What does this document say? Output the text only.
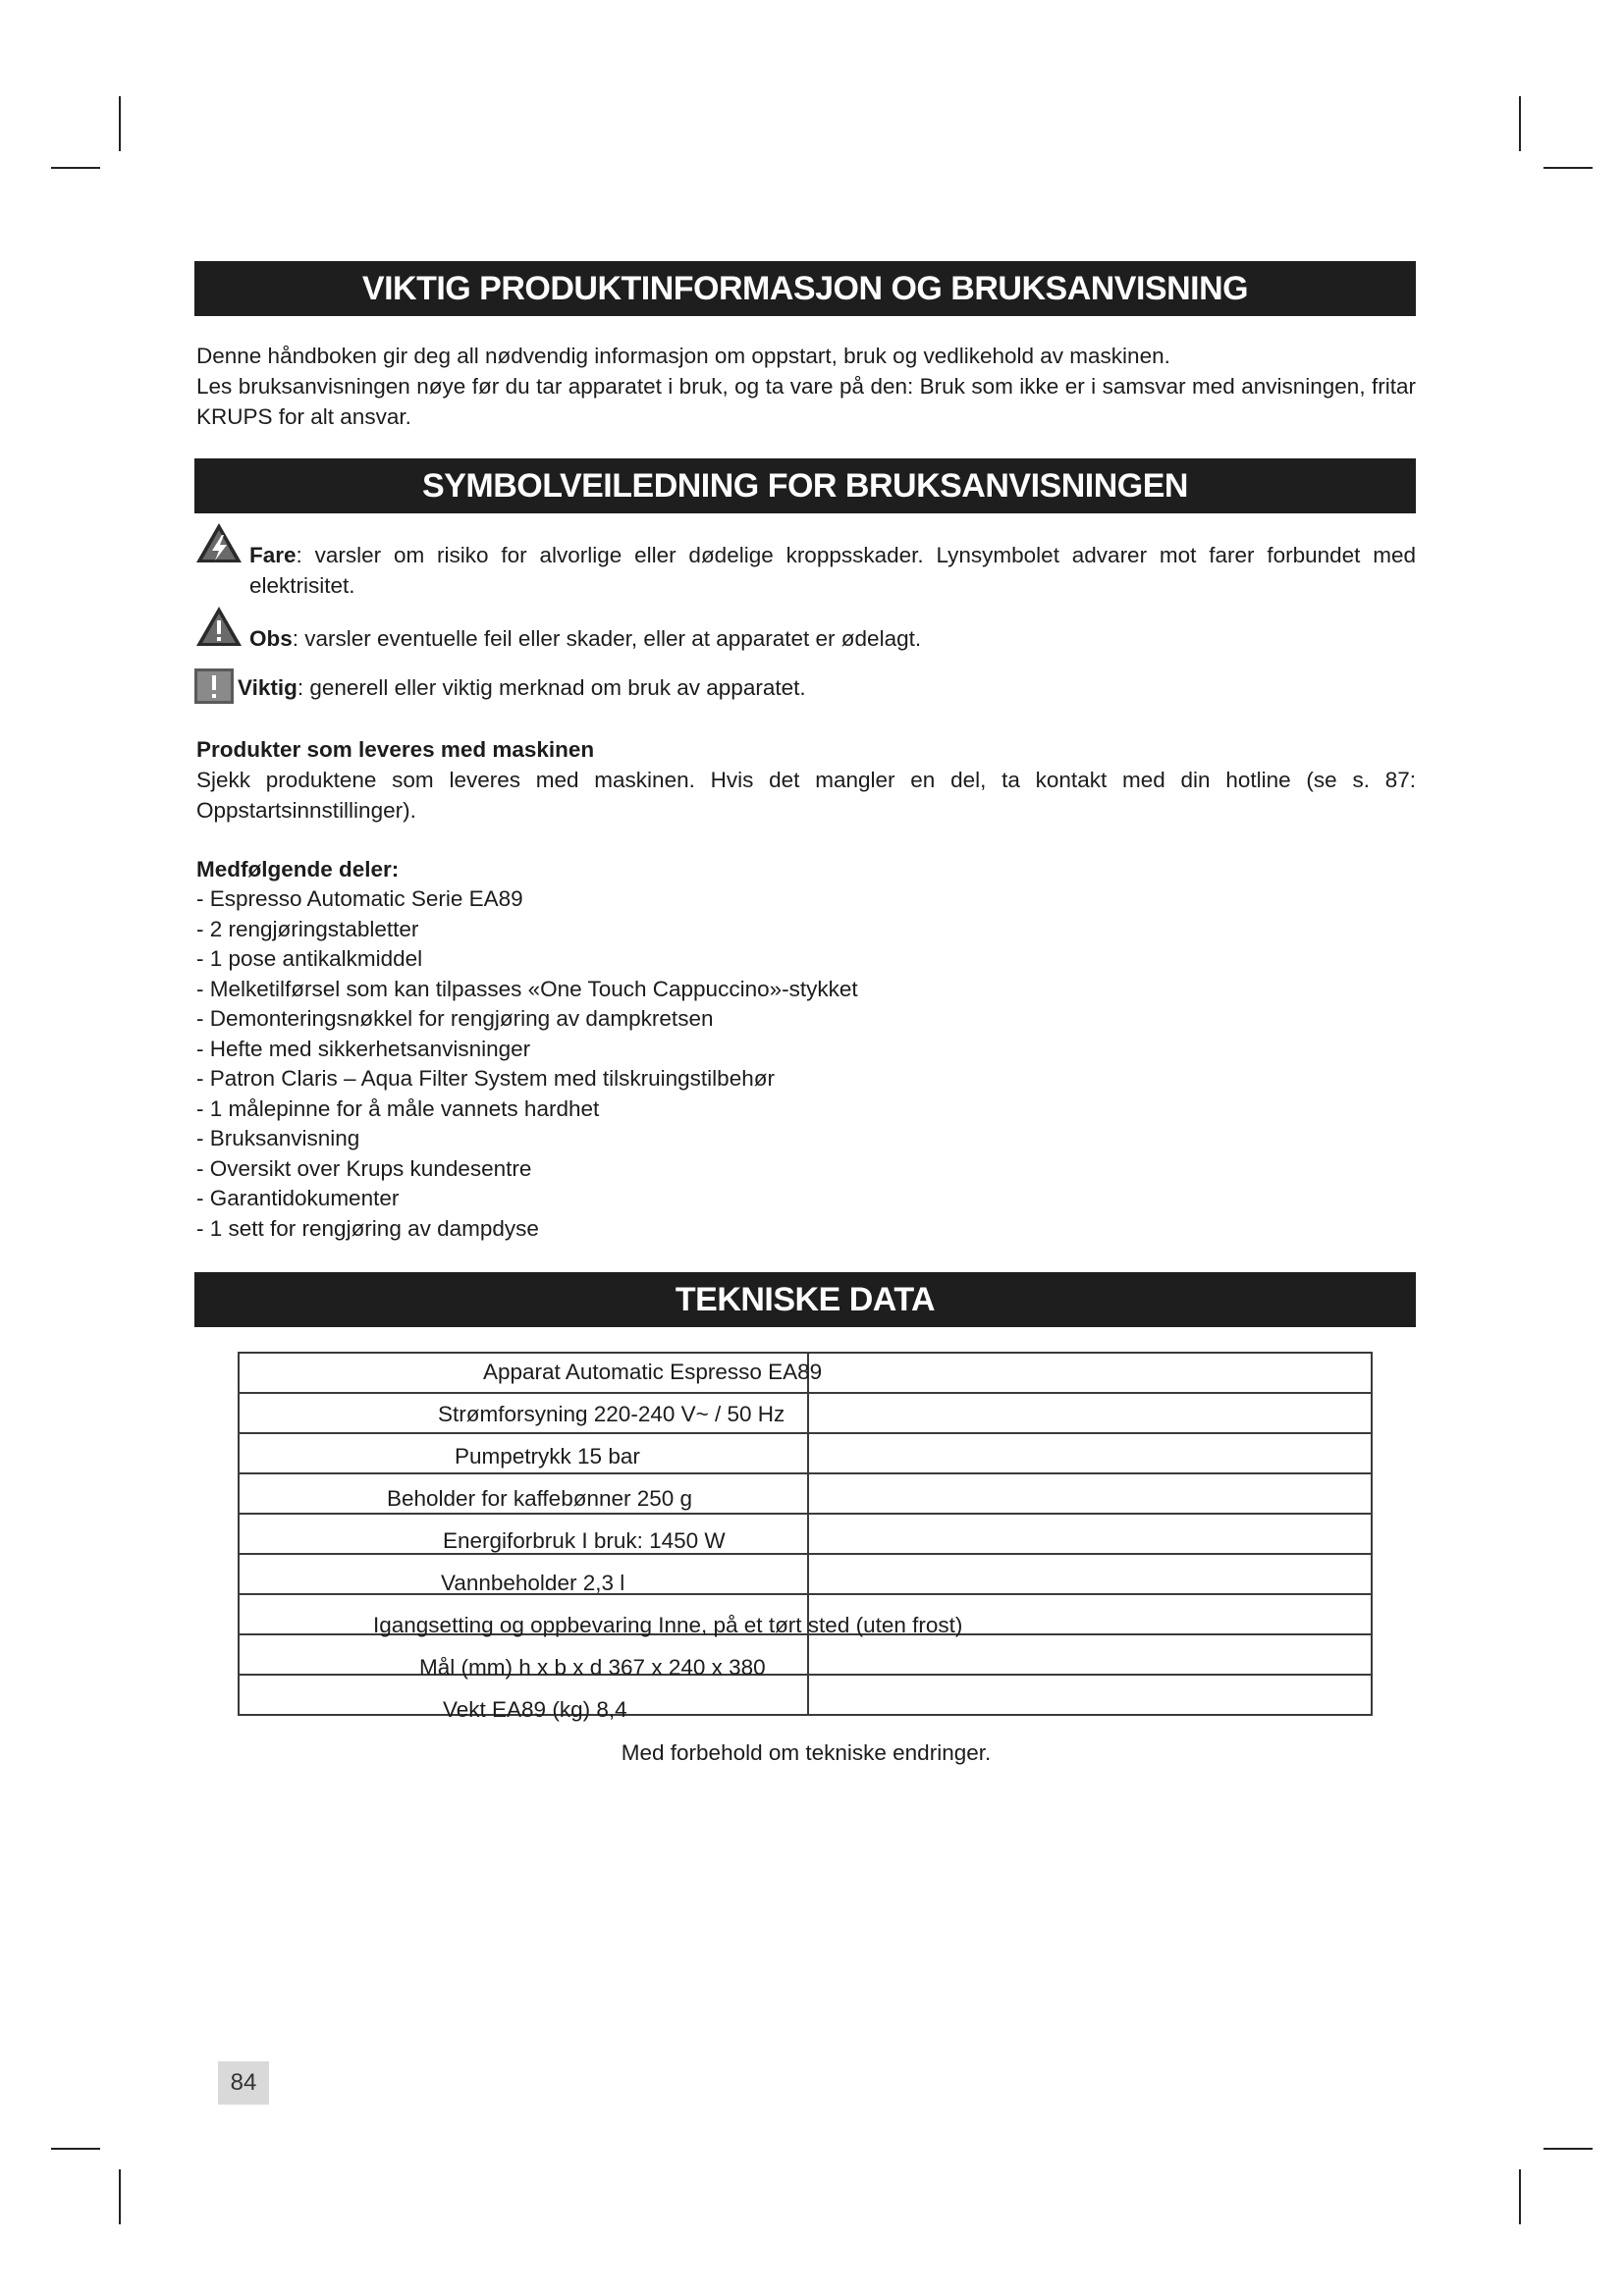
VIKTIG PRODUKTINFORMASJON OG BRUKSANVISNING

Denne håndboken gir deg all nødvendig informasjon om oppstart, bruk og vedlikehold av maskinen.

Les bruksanvisningen nøye før du tar apparatet i bruk, og ta vare på den: Bruk som ikke er i samsvar med anvisningen, fritar KRUPS for alt ansvar.

SYMBOLVEILEDNING FOR BRUKSANVISNINGEN
Fare: varsler om risiko for alvorlige eller dødelige kroppsskader. Lynsymbolet advarer mot farer forbundet med elektrisitet.
Obs: varsler eventuelle feil eller skader, eller at apparatet er ødelagt.
Viktig: generell eller viktig merknad om bruk av apparatet.

Produkter som leveres med maskinen

Sjekk produktene som leveres med maskinen. Hvis det mangler en del, ta kontakt med din hotline (se s. 87: Oppstartsinnstillinger).

Medfølgende deler:
- Espresso Automatic Serie EA89
- 2 rengjøringstabletter
- 1 pose antikalkmiddel
- Melketilførsel som kan tilpasses «One Touch Cappuccino»-stykket
- Demonteringsnøkkel for rengjøring av dampkretsen
- Hefte med sikkerhetsanvisninger
- Patron Claris – Aqua Filter System med tilskruingstilbehør
- 1 målepinne for å måle vannets hardhet
- Bruksanvisning
- Oversikt over Krups kundesentre
- Garantidokumenter
- 1 sett for rengjøring av dampdyse
TEKNISKE DATA

Apparat Automatic Espresso EA89
Strømforsyning 220-240 V~ / 50 Hz
Pumpetrykk 15 bar
Beholder for kaffebønner 250 g
Energiforbruk I bruk: 1450 W
Vannbeholder 2,3 l
Igangsetting og oppbevaring Inne, på et tørt sted (uten frost)
Mål (mm) h x b x d 367 x 240 x 380
Vekt EA89 (kg) 8,4
Med forbehold om tekniske endringer.
84
